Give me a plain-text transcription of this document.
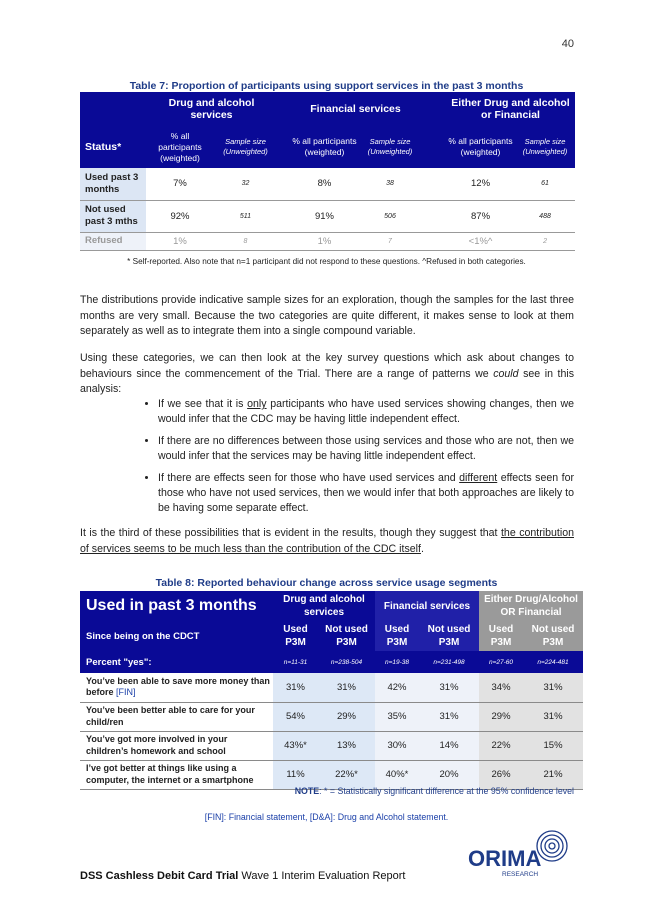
40
Table 7: Proportion of participants using support services in the past 3 months
	Drug and alcohol services			Financial services			Either Drug and alcohol or Financial	
Status*	% all participants (weighted)	Sample size (Unweighted)		% all participants (weighted)	Sample size (Unweighted)		% all participants (weighted)	Sample size (Unweighted)
Used past 3 months	7%	32		8%	38		12%	61
Not used past 3 mths	92%	511		91%	506		87%	488
Refused	1%	8		1%	7		<1%^	2
* Self-reported. Also note that n=1 participant did not respond to these questions. ^Refused in both categories.

The distributions provide indicative sample sizes for an exploration, though the samples for the last three months are very small. Because the two categories are quite different, it makes sense to look at them separately as well as to integrate them into a single compound variable.

Using these categories, we can then look at the key survey questions which ask about changes to behaviours since the commencement of the Trial. There are a range of patterns we could see in this analysis:

• If we see that it is only participants who have used services showing changes, then we would infer that the CDC may be having little independent effect.
• If there are no differences between those using services and those who are not, then we would infer that the services may be having little independent effect.
• If there are effects seen for those who have used services and different effects seen for those who have not used services, then we would infer that both approaches are likely to be having some separate effect.

It is the third of these possibilities that is evident in the results, though they suggest that the contribution of services seems to be much less than the contribution of the CDC itself.

Table 8: Reported behaviour change across service usage segments
Used in past 3 months	Drug and alcohol services		Financial services		Either Drug/Alcohol OR Financial	
Since being on the CDCT	Used P3M	Not used P3M	Used P3M	Not used P3M	Used P3M	Not used P3M
Percent "yes":	n=11-31	n=238-504	n=19-38	n=231-498	n=27-60	n=224-481
You’ve been able to save more money than before [FIN]	31%	31%	42%	31%	34%	31%
You’ve been better able to care for your child/ren	54%	29%	35%	31%	29%	31%
You’ve got more involved in your children’s homework and school	43%*	13%	30%	14%	22%	15%
I’ve got better at things like using a computer, the internet or a smartphone	11%	22%*	40%*	20%	26%	21%
NOTE: * = Statistically significant difference at the 95% confidence level
[FIN]: Financial statement, [D&A]: Drug and Alcohol statement.
ORIMA
RESEARCH
DSS Cashless Debit Card Trial Wave 1 Interim Evaluation Report
